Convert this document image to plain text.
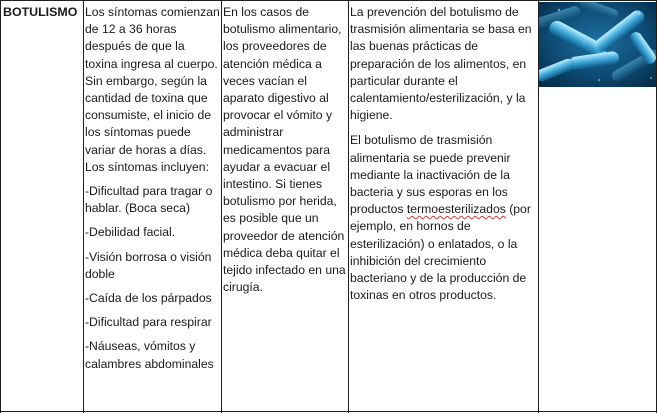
BOTULISMO Los síntomas comienzan de 12 a 36 horas después de que la toxina ingresa al cuerpo. Sin embargo, según la cantidad de toxina que consumiste, el inicio de los síntomas puede variar de horas a días. Los síntomas incluyen:

-Dificultad para tragar o hablar. (Boca seca)

-Debilidad facial.

-Visión borrosa o visión doble

-Caída de los párpados

-Dificultad para respirar

-Náuseas, vómitos y calambres abdominales

En los casos de botulismo alimentario, los proveedores de atención médica a veces vacían el aparato digestivo al provocar el vómito y administrar medicamentos para ayudar a evacuar el intestino. Si tienes botulismo por herida, es posible que un proveedor de atención médica deba quitar el tejido infectado en una cirugía.

La prevención del botulismo de trasmisión alimentaria se basa en las buenas prácticas de preparación de los alimentos, en particular durante el calentamiento/esterilización, y la higiene.

El botulismo de trasmisión alimentaria se puede prevenir mediante la inactivación de la bacteria y sus esporas en los productos termoesterilizados (por ejemplo, en hornos de esterilización) o enlatados, o la inhibición del crecimiento bacteriano y de la producción de toxinas en otros productos.
